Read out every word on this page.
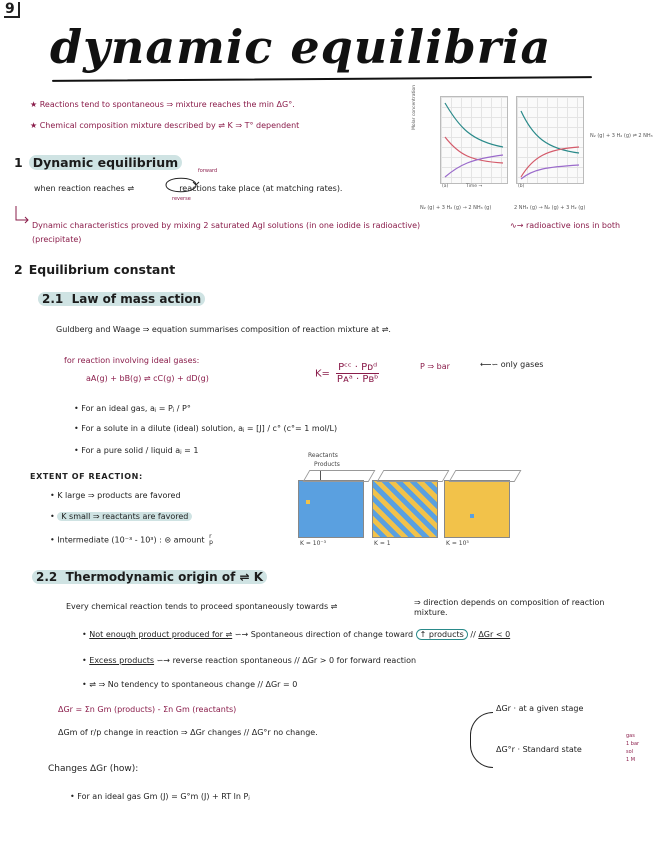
9
dynamic equilibria
★ Reactions tend to spontaneous ⇒ mixture reaches the min ΔG°.
★ Chemical composition mixture described by ⇌ K ⇒ T° dependent
(a)	(b)
Time →
Molar concentration
N₂ (g) + 3 H₂ (g) ⇌ 2 NH₃
N₂ (g) + 3 H₂ (g) → 2 NH₃ (g)	2 NH₃ (g) → N₂ (g) + 3 H₂ (g)
1 Dynamic equilibrium
when reaction reaches ⇌	reactions take place (at matching rates).
forward
reverse
Dynamic characteristics proved by mixing 2 saturated AgI solutions (in one iodide is radioactive)	∿→ radioactive ions in both
(precipitate)
2 Equilibrium constant
2.1 Law of mass action
Guldberg and Waage ⇒ equation summarises composition of reaction mixture at ⇌.
for reaction involving ideal gases:
aA(g) + bB(g) ⇌ cC(g) + dD(g)	$K= \frac{\text{Pᶜᶜ · Pᴅᵈ}}{\text{Pᴀᵃ · Pʙᵇ}}$	P ⇒ bar	⟵∽ only gases
• For an ideal gas, aⱼ = Pⱼ / P°
• For a solute in a dilute (ideal) solution, aⱼ = [J] / c° (c°= 1 mol/L)
• For a pure solid / liquid aⱼ = 1
EXTENT OF REACTION:
• K large ⇒ products are favored
• K small ⇒ reactants are favored
• Intermediate (10⁻³ - 10³) : ⊜ amount r
p
Reactants
Products
K = 10⁻³	K = 1	K = 10³
2.2 Thermodynamic origin of ⇌ K
Every chemical reaction tends to proceed spontaneously towards ⇌	⇒ direction depends on composition of reaction mixture.
• Not enough product produced for ⇌ ∽→ Spontaneous direction of change toward ↑ products // ΔGr < 0
• Excess products ∽→ reverse reaction spontaneous // ΔGr > 0 for forward reaction
• ⇌ ⇒ No tendency to spontaneous change // ΔGr = 0
ΔGr = Σn Gm (products) - Σn Gm (reactants)
ΔGm of r/p change in reaction ⇒ ΔGr changes // ΔG°r no change.
ΔGr · at a given stage
ΔG°r · Standard state
gas
1 bar
sol
1 M
Changes ΔGr (how):
• For an ideal gas Gm (J) = G°m (J) + RT ln Pⱼ
